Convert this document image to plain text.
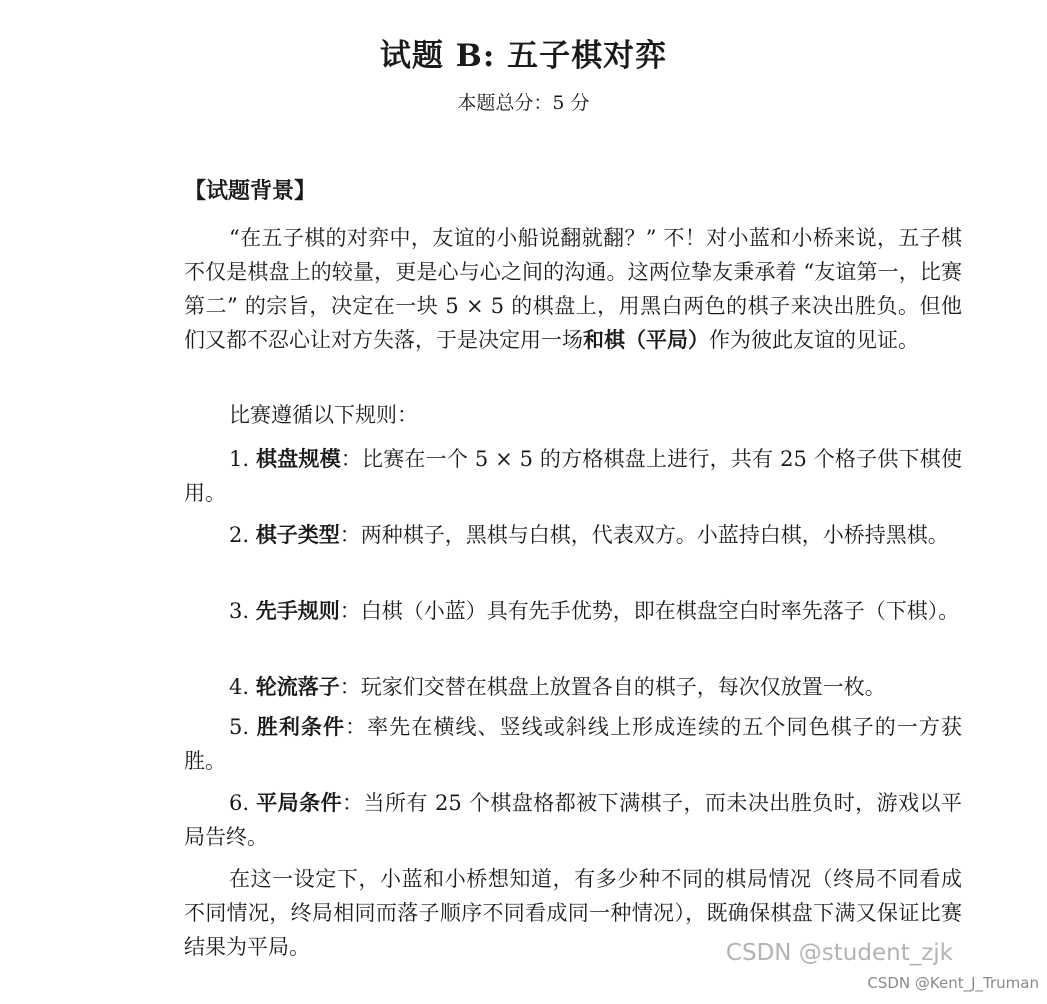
试题 B: 五子棋对弈
本题总分：5 分
【试题背景】
“在五子棋的对弈中，友谊的小船说翻就翻？” 不！对小蓝和小桥来说，五子棋不仅是棋盘上的较量，更是心与心之间的沟通。这两位挚友秉承着 “友谊第一，比赛第二” 的宗旨，决定在一块 5 × 5 的棋盘上，用黑白两色的棋子来决出胜负。但他们又都不忍心让对方失落，于是决定用一场和棋（平局）作为彼此友谊的见证。
比赛遵循以下规则：
1. 棋盘规模：比赛在一个 5 × 5 的方格棋盘上进行，共有 25 个格子供下棋使用。
2. 棋子类型：两种棋子，黑棋与白棋，代表双方。小蓝持白棋，小桥持黑棋。
3. 先手规则：白棋（小蓝）具有先手优势，即在棋盘空白时率先落子（下棋）。
4. 轮流落子：玩家们交替在棋盘上放置各自的棋子，每次仅放置一枚。
5. 胜利条件：率先在横线、竖线或斜线上形成连续的五个同色棋子的一方获胜。
6. 平局条件：当所有 25 个棋盘格都被下满棋子，而未决出胜负时，游戏以平局告终。
在这一设定下，小蓝和小桥想知道，有多少种不同的棋局情况（终局不同看成不同情况，终局相同而落子顺序不同看成同一种情况），既确保棋盘下满又保证比赛结果为平局。	CSDN @student_zjk
CSDN @Kent_J_Truman
